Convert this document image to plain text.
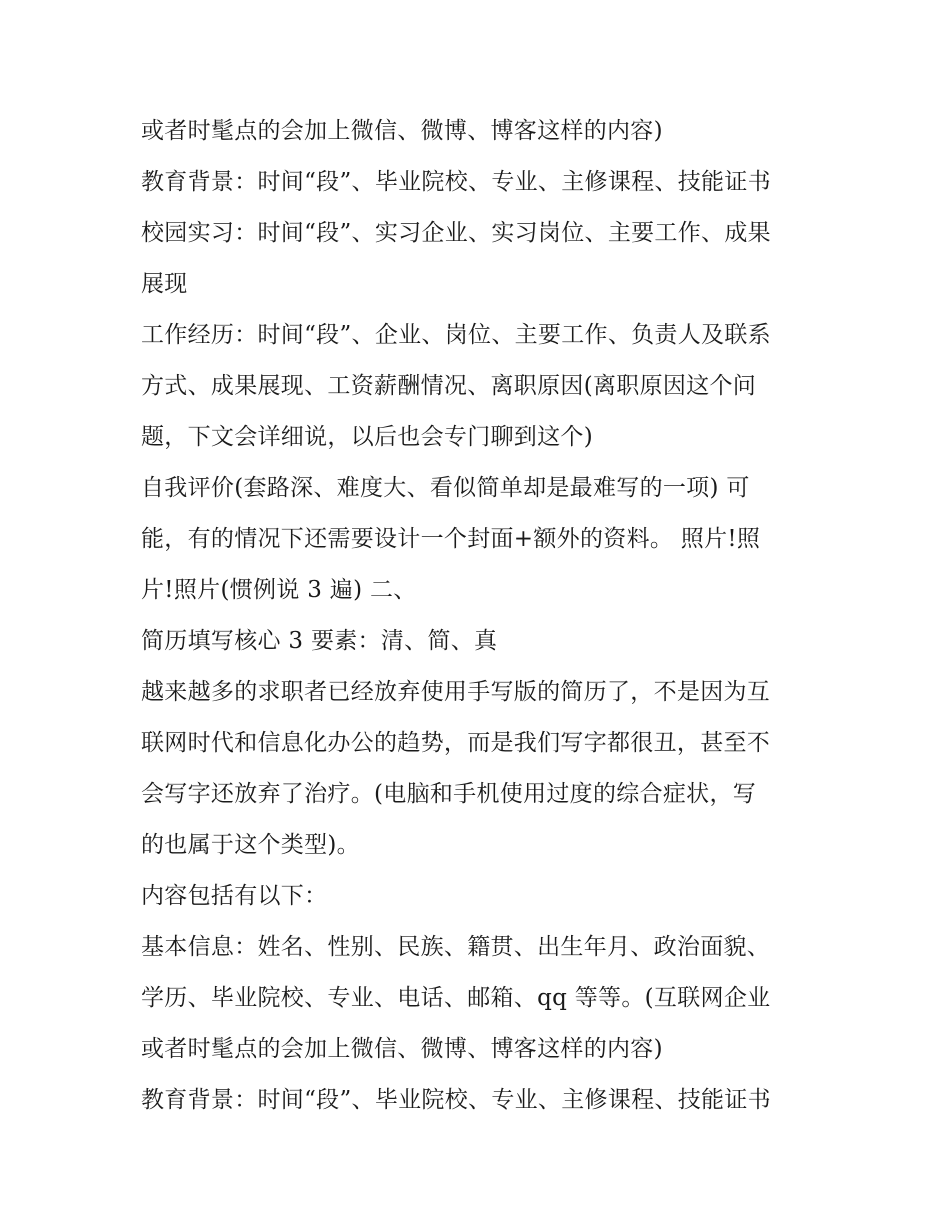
或者时髦点的会加上微信、微博、博客这样的内容)
教育背景：时间“段”、毕业院校、专业、主修课程、技能证书
校园实习：时间“段”、实习企业、实习岗位、主要工作、成果
展现
工作经历：时间“段”、企业、岗位、主要工作、负责人及联系
方式、成果展现、工资薪酬情况、离职原因(离职原因这个问
题，下文会详细说，以后也会专门聊到这个)
自我评价(套路深、难度大、看似简单却是最难写的一项) 可
能，有的情况下还需要设计一个封面+额外的资料。 照片!照
片!照片(惯例说 3 遍) 二、
简历填写核心 3 要素：清、简、真
越来越多的求职者已经放弃使用手写版的简历了，不是因为互
联网时代和信息化办公的趋势，而是我们写字都很丑，甚至不
会写字还放弃了治疗。(电脑和手机使用过度的综合症状，写
的也属于这个类型)。
内容包括有以下：
基本信息：姓名、性别、民族、籍贯、出生年月、政治面貌、
学历、毕业院校、专业、电话、邮箱、qq 等等。(互联网企业
或者时髦点的会加上微信、微博、博客这样的内容)
教育背景：时间“段”、毕业院校、专业、主修课程、技能证书
